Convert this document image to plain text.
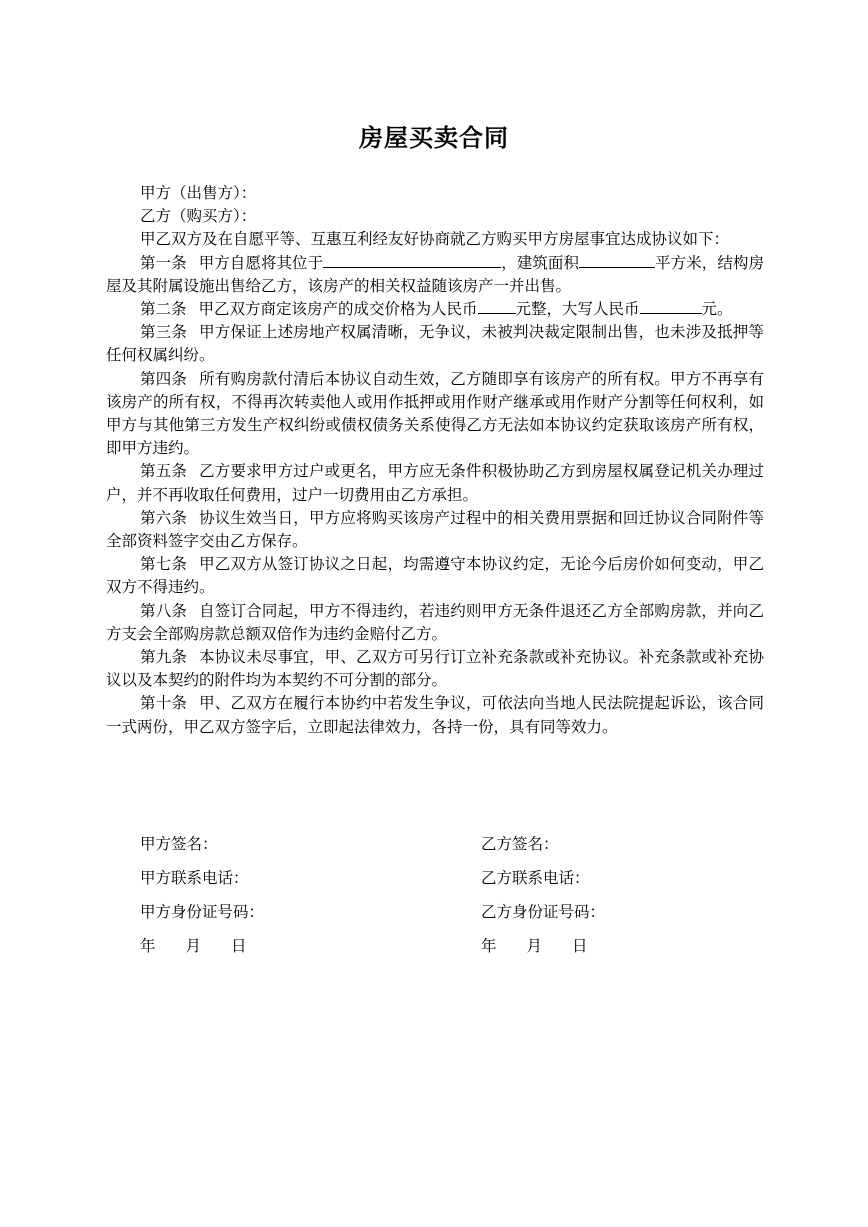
房屋买卖合同

甲方（出售方）：

乙方（购买方）：

甲乙双方及在自愿平等、互惠互利经友好协商就乙方购买甲方房屋事宜达成协议如下：

第一条 甲方自愿将其位于	，建筑面积	平方米，结构房屋及其附属设施出售给乙方，该房产的相关权益随该房产一并出售。

第二条 甲乙双方商定该房产的成交价格为人民币 元整，大写人民币	元。

第三条 甲方保证上述房地产权属清晰，无争议，未被判决裁定限制出售，也未涉及抵押等任何权属纠纷。

第四条 所有购房款付清后本协议自动生效，乙方随即享有该房产的所有权。甲方不再享有该房产的所有权，不得再次转卖他人或用作抵押或用作财产继承或用作财产分割等任何权利，如甲方与其他第三方发生产权纠纷或债权债务关系使得乙方无法如本协议约定获取该房产所有权，即甲方违约。

第五条 乙方要求甲方过户或更名，甲方应无条件积极协助乙方到房屋权属登记机关办理过户，并不再收取任何费用，过户一切费用由乙方承担。

第六条 协议生效当日，甲方应将购买该房产过程中的相关费用票据和回迁协议合同附件等全部资料签字交由乙方保存。

第七条 甲乙双方从签订协议之日起，均需遵守本协议约定，无论今后房价如何变动，甲乙双方不得违约。

第八条 自签订合同起，甲方不得违约，若违约则甲方无条件退还乙方全部购房款，并向乙方支会全部购房款总额双倍作为违约金赔付乙方。

第九条 本协议未尽事宜，甲、乙双方可另行订立补充条款或补充协议。补充条款或补充协议以及本契约的附件均为本契约不可分割的部分。

第十条 甲、乙双方在履行本协约中若发生争议，可依法向当地人民法院提起诉讼，该合同一式两份，甲乙双方签字后，立即起法律效力，各持一份，具有同等效力。

甲方签名：	乙方签名：
甲方联系电话：	乙方联系电话：
甲方身份证号码：	乙方身份证号码：
年 月 日	年 月 日
